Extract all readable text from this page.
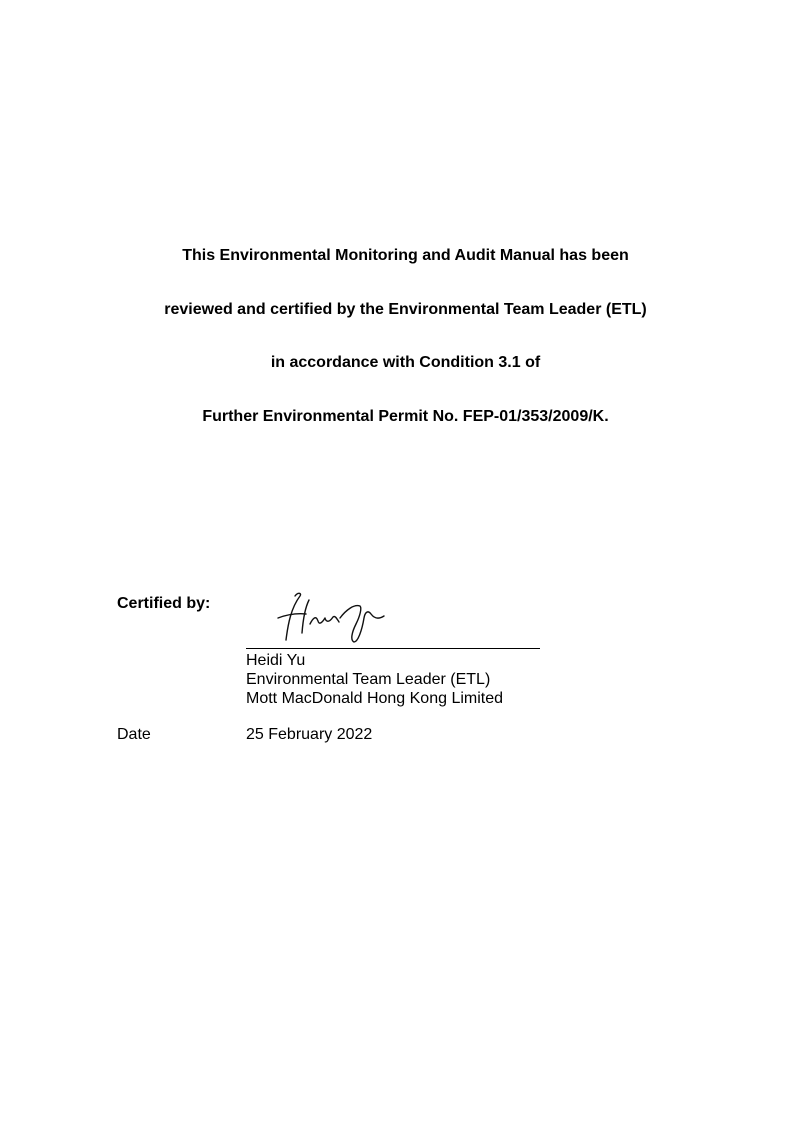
This Environmental Monitoring and Audit Manual has been
reviewed and certified by the Environmental Team Leader (ETL)
in accordance with Condition 3.1 of
Further Environmental Permit No. FEP-01/353/2009/K.
Certified by:
Heidi Yu
Environmental Team Leader (ETL)
Mott MacDonald Hong Kong Limited
Date	25 February 2022
